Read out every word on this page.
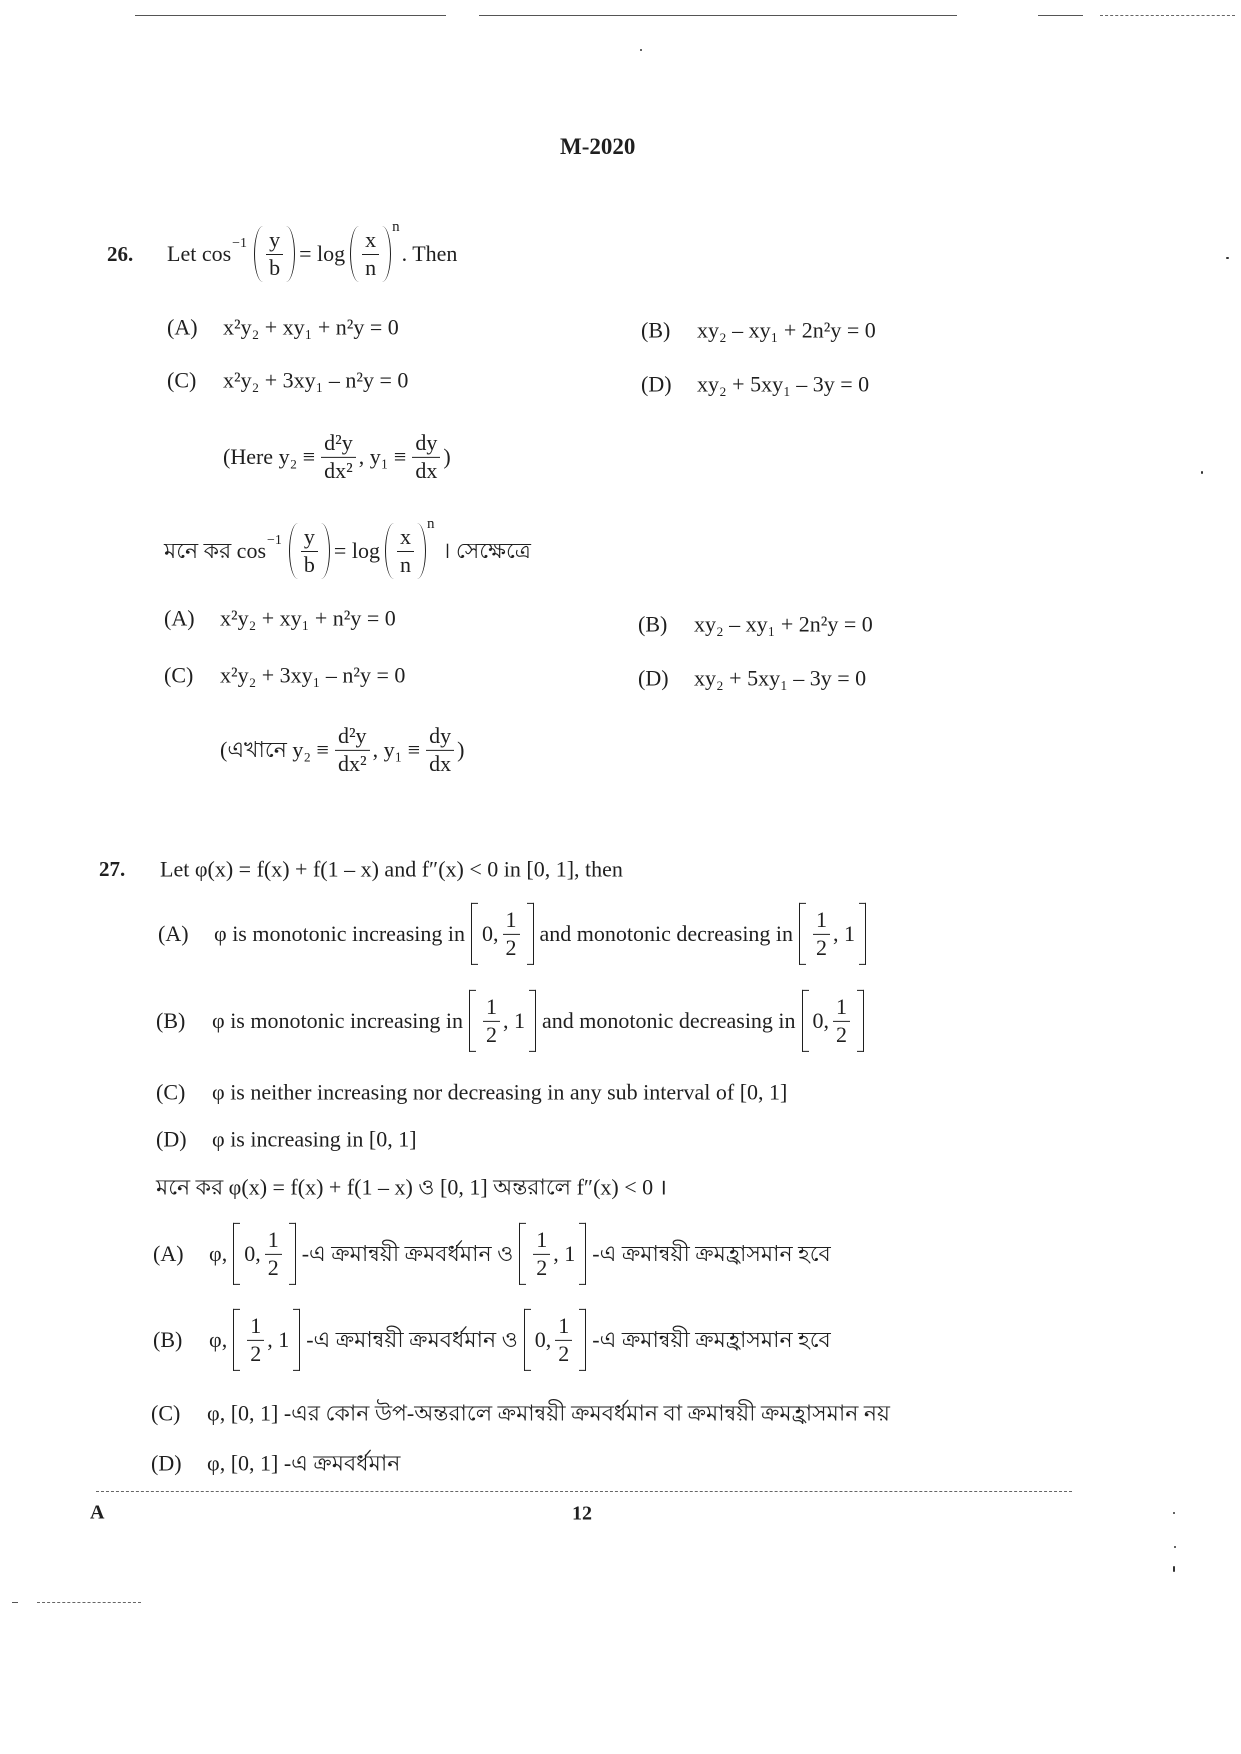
M-2020
26. Let $\cos -1 \frac{y}{b} = \log \frac{x}{n}$
n
. Then
(A)	x²y₂ + xy₁ + n²y = 0	(B)	xy₂ – xy₁ + 2n²y = 0
(C)	x²y₂ + 3xy₁ – n²y = 0	(D)	xy₂ + 5xy₁ – 3y = 0
(Here $y_2 \equiv \frac{\text{d²y}}{\text{dx²}}$ , $y_1 \equiv \frac{dy}{dx}$ )
মনে কর $\cos -1 \frac{y}{b} = \log \frac{x}{n}$
n
। সেক্ষেত্রে
(A)	x²y₂ + xy₁ + n²y = 0	(B)	xy₂ – xy₁ + 2n²y = 0
(C)	x²y₂ + 3xy₁ – n²y = 0	(D)	xy₂ + 5xy₁ – 3y = 0
(এখানে $y_2 \equiv \frac{\text{d²y}}{\text{dx²}}$ , $y_1 \equiv \frac{dy}{dx}$ )
27. Let φ(x) = f(x) + f(1 – x) and f″(x) < 0 in [0, 1], then
(A)	φ is monotonic increasing in 0, $\frac{1}{2}$ and monotonic decreasing in $\frac{1}{2}$ , 1
(B)	φ is monotonic increasing in $\frac{1}{2}$ , 1 and monotonic decreasing in 0, $\frac{1}{2}$
(C)	φ is neither increasing nor decreasing in any sub interval of [0, 1]
(D)	φ is increasing in [0, 1]
মনে কর φ(x) = f(x) + f(1 – x) ও [0, 1] অন্তরালে f″(x) < 0 ।
(A)	φ, 0, $\frac{1}{2}$ -এ ক্রমান্বয়ী ক্রমবর্ধমান ও $\frac{1}{2}$ , 1 -এ ক্রমান্বয়ী ক্রমহ্রাসমান হবে
(B)	φ, $\frac{1}{2}$ , 1 -এ ক্রমান্বয়ী ক্রমবর্ধমান ও 0, $\frac{1}{2}$ -এ ক্রমান্বয়ী ক্রমহ্রাসমান হবে
(C)	φ, [0, 1] -এর কোন উপ-অন্তরালে ক্রমান্বয়ী ক্রমবর্ধমান বা ক্রমান্বয়ী ক্রমহ্রাসমান নয়
(D)	φ, [0, 1] -এ ক্রমবর্ধমান
A	12
